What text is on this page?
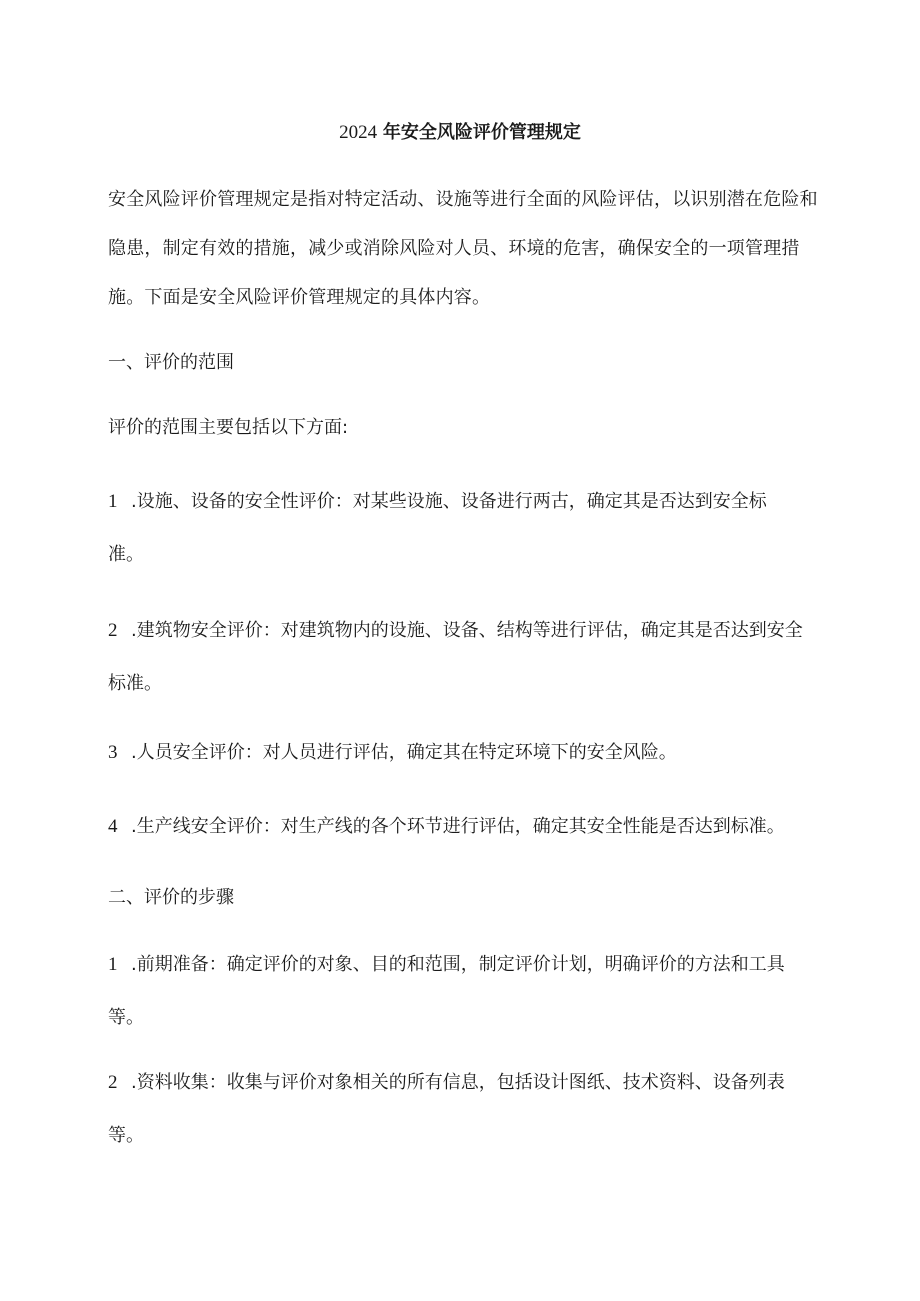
2024 年安全风险评价管理规定
安全风险评价管理规定是指对特定活动、设施等进行全面的风险评估，以识别潜在危险和隐患，制定有效的措施，减少或消除风险对人员、环境的危害，确保安全的一项管理措施。下面是安全风险评价管理规定的具体内容。
一、评价的范围
评价的范围主要包括以下方面:
1 .设施、设备的安全性评价：对某些设施、设备进行两古，确定其是否达到安全标准。
2 .建筑物安全评价：对建筑物内的设施、设备、结构等进行评估，确定其是否达到安全标准。
3 .人员安全评价：对人员进行评估，确定其在特定环境下的安全风险。
4 .生产线安全评价：对生产线的各个环节进行评估，确定其安全性能是否达到标准。
二、评价的步骤
1 .前期准备：确定评价的对象、目的和范围，制定评价计划，明确评价的方法和工具等。
2 .资料收集：收集与评价对象相关的所有信息，包括设计图纸、技术资料、设备列表等。
